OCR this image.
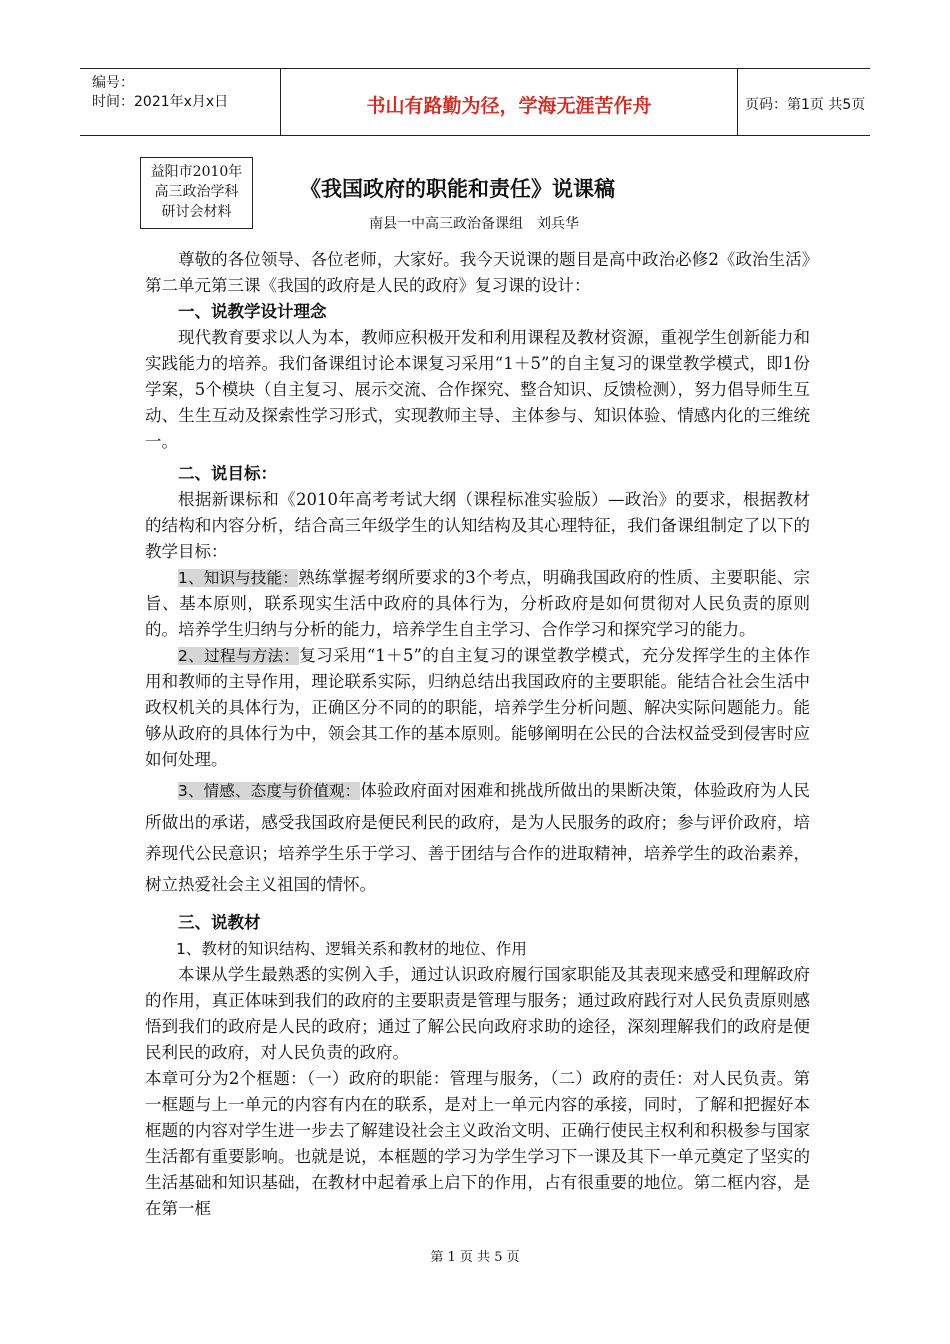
编号：
时间：2021年x月x日	书山有路勤为径，学海无涯苦作舟	页码：第1页 共5页
益阳市2010年
高三政治学科
研讨会材料
《我国政府的职能和责任》说课稿
南县一中高三政治备课组　刘兵华

尊敬的各位领导、各位老师，大家好。我今天说课的题目是高中政治必修2《政治生活》第二单元第三课《我国的政府是人民的政府》复习课的设计：

一、说教学设计理念

现代教育要求以人为本，教师应积极开发和利用课程及教材资源，重视学生创新能力和实践能力的培养。我们备课组讨论本课复习采用“1＋5”的自主复习的课堂教学模式，即1份学案，5个模块（自主复习、展示交流、合作探究、整合知识、反馈检测），努力倡导师生互动、生生互动及探索性学习形式，实现教师主导、主体参与、知识体验、情感内化的三维统一。

二、说目标：

根据新课标和《2010年高考考试大纲（课程标准实验版）—政治》的要求，根据教材的结构和内容分析，结合高三年级学生的认知结构及其心理特征，我们备课组制定了以下的教学目标：

1、知识与技能：熟练掌握考纲所要求的3个考点，明确我国政府的性质、主要职能、宗旨、基本原则，联系现实生活中政府的具体行为，分析政府是如何贯彻对人民负责的原则的。培养学生归纳与分析的能力，培养学生自主学习、合作学习和探究学习的能力。

2、过程与方法：复习采用“1＋5”的自主复习的课堂教学模式，充分发挥学生的主体作用和教师的主导作用，理论联系实际，归纳总结出我国政府的主要职能。能结合社会生活中政权机关的具体行为，正确区分不同的的职能，培养学生分析问题、解决实际问题能力。能够从政府的具体行为中，领会其工作的基本原则。能够阐明在公民的合法权益受到侵害时应如何处理。

3、情感、态度与价值观：体验政府面对困难和挑战所做出的果断决策，体验政府为人民所做出的承诺，感受我国政府是便民利民的政府，是为人民服务的政府；参与评价政府，培养现代公民意识；培养学生乐于学习、善于团结与合作的进取精神，培养学生的政治素养，树立热爱社会主义祖国的情怀。

三、说教材

1、教材的知识结构、逻辑关系和教材的地位、作用

本课从学生最熟悉的实例入手，通过认识政府履行国家职能及其表现来感受和理解政府的作用，真正体味到我们的政府的主要职责是管理与服务；通过政府践行对人民负责原则感悟到我们的政府是人民的政府；通过了解公民向政府求助的途径，深刻理解我们的政府是便民利民的政府，对人民负责的政府。

本章可分为2个框题：（一）政府的职能：管理与服务，（二）政府的责任：对人民负责。第一框题与上一单元的内容有内在的联系，是对上一单元内容的承接，同时，了解和把握好本框题的内容对学生进一步去了解建设社会主义政治文明、正确行使民主权利和积极参与国家生活都有重要影响。也就是说，本框题的学习为学生学习下一课及其下一单元奠定了坚实的生活基础和知识基础，在教材中起着承上启下的作用，占有很重要的地位。第二框内容，是在第一框

第 1 页 共 5 页
